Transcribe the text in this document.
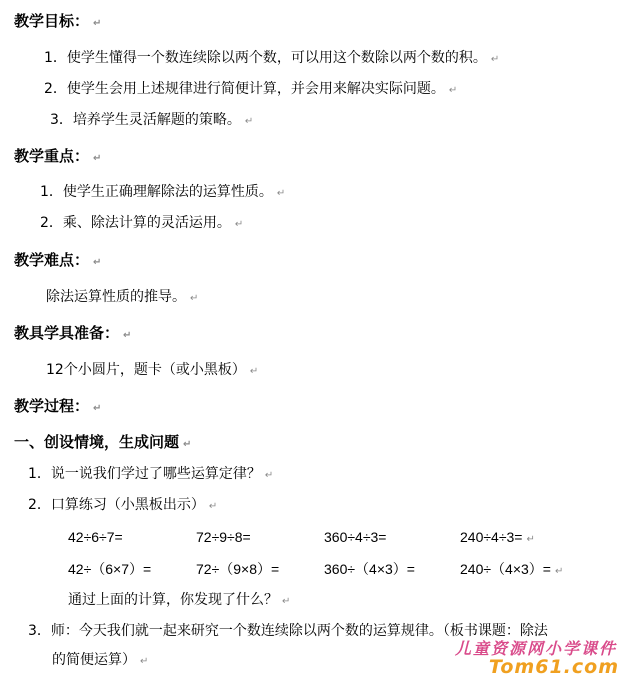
教学目标： ↵
1．使学生懂得一个数连续除以两个数，可以用这个数除以两个数的积。 ↵
2．使学生会用上述规律进行简便计算，并会用来解决实际问题。 ↵
3．培养学生灵活解题的策略。 ↵
教学重点： ↵
1．使学生正确理解除法的运算性质。 ↵
2．乘、除法计算的灵活运用。 ↵
教学难点： ↵
除法运算性质的推导。 ↵
教具学具准备： ↵
12个小圆片，题卡（或小黑板） ↵
教学过程： ↵
一、创设情境，生成问题 ↵
1．说一说我们学过了哪些运算定律？ ↵
2．口算练习（小黑板出示） ↵
42÷6÷7=	72÷9÷8=	360÷4÷3=	240÷4÷3= ↵
42÷（6×7）=	72÷（9×8）=	360÷（4×3）=	240÷（4×3）= ↵
通过上面的计算，你发现了什么？ ↵
3．师：今天我们就一起来研究一个数连续除以两个数的运算规律。（板书课题：除法
的简便运算） ↵
儿童资源网小学课件
Tom61.com
